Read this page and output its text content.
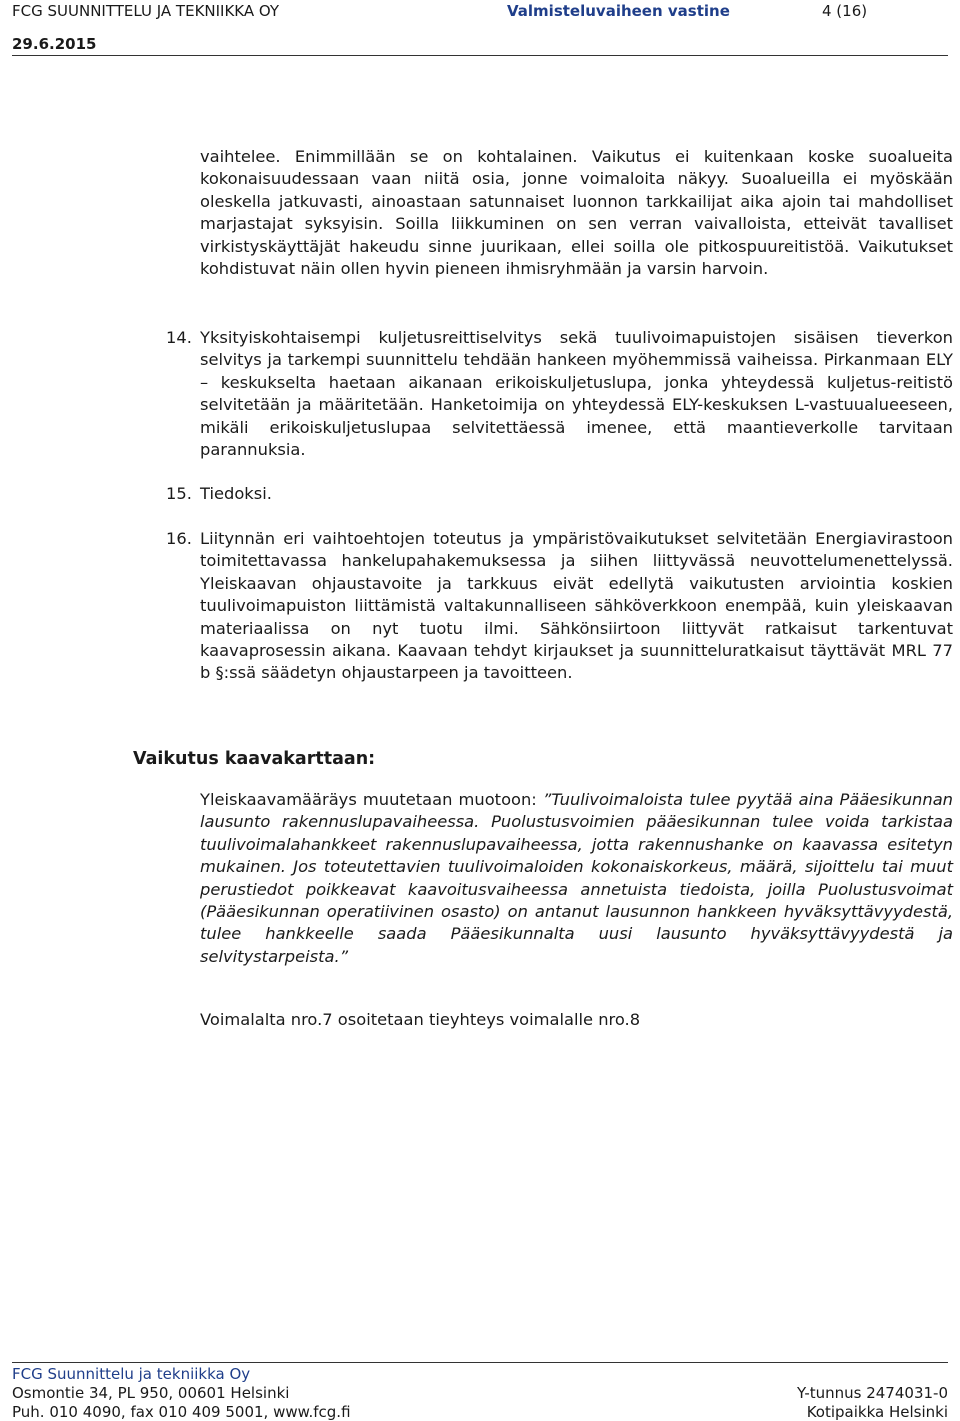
FCG SUUNNITTELU JA TEKNIIKKA OY	Valmisteluvaiheen vastine	4 (16)
29.6.2015

vaihtelee. Enimmillään se on kohtalainen. Vaikutus ei kuitenkaan koske suoalueita kokonaisuudessaan vaan niitä osia, jonne voimaloita näkyy. Suoalueilla ei myöskään oleskella jatkuvasti, ainoastaan satunnaiset luonnon tarkkailijat aika ajoin tai mahdolliset marjastajat syksyisin. Soilla liikkuminen on sen verran vaivalloista, etteivät tavalliset virkistyskäyttäjät hakeudu sinne juurikaan, ellei soilla ole pitkospuureitistöä. Vaikutukset kohdistuvat näin ollen hyvin pieneen ihmisryhmään ja varsin harvoin.

14. Yksityiskohtaisempi kuljetusreittiselvitys sekä tuulivoimapuistojen sisäisen tieverkon selvitys ja tarkempi suunnittelu tehdään hankeen myöhemmissä vaiheissa. Pirkanmaan ELY – keskukselta haetaan aikanaan erikoiskuljetuslupa, jonka yhteydessä kuljetus-reitistö selvitetään ja määritetään. Hanketoimija on yhteydessä ELY-keskuksen L-vastuualueeseen, mikäli erikoiskuljetuslupaa selvitettäessä imenee, että maantieverkolle tarvitaan parannuksia.

15. Tiedoksi.

16. Liitynnän eri vaihtoehtojen toteutus ja ympäristövaikutukset selvitetään Energiavirastoon toimitettavassa hankelupahakemuksessa ja siihen liittyvässä neuvottelumenettelyssä. Yleiskaavan ohjaustavoite ja tarkkuus eivät edellytä vaikutusten arviointia koskien tuulivoimapuiston liittämistä valtakunnalliseen sähköverkkoon enempää, kuin yleiskaavan materiaalissa on nyt tuotu ilmi. Sähkönsiirtoon liittyvät ratkaisut tarkentuvat kaavaprosessin aikana. Kaavaan tehdyt kirjaukset ja suunnitteluratkaisut täyttävät MRL 77 b §:ssä säädetyn ohjaustarpeen ja tavoitteen.

Vaikutus kaavakarttaan:

Yleiskaavamääräys muutetaan muotoon: ”Tuulivoimaloista tulee pyytää aina Pääesikunnan lausunto rakennuslupavaiheessa. Puolustusvoimien pääesikunnan tulee voida tarkistaa tuulivoimalahankkeet rakennuslupavaiheessa, jotta rakennushanke on kaavassa esitetyn mukainen. Jos toteutettavien tuulivoimaloiden kokonaiskorkeus, määrä, sijoittelu tai muut perustiedot poikkeavat kaavoitusvaiheessa annetuista tiedoista, joilla Puolustusvoimat (Pääesikunnan operatiivinen osasto) on antanut lausunnon hankkeen hyväksyttävyydestä, tulee hankkeelle saada Pääesikunnalta uusi lausunto hyväksyttävyydestä ja selvitystarpeista.”

Voimalalta nro.7 osoitetaan tieyhteys voimalalle nro.8

FCG Suunnittelu ja tekniikka Oy
Osmontie 34, PL 950, 00601 Helsinki
Puh. 010 4090, fax 010 409 5001, www.fcg.fi
Y-tunnus 2474031-0
Kotipaikka Helsinki
